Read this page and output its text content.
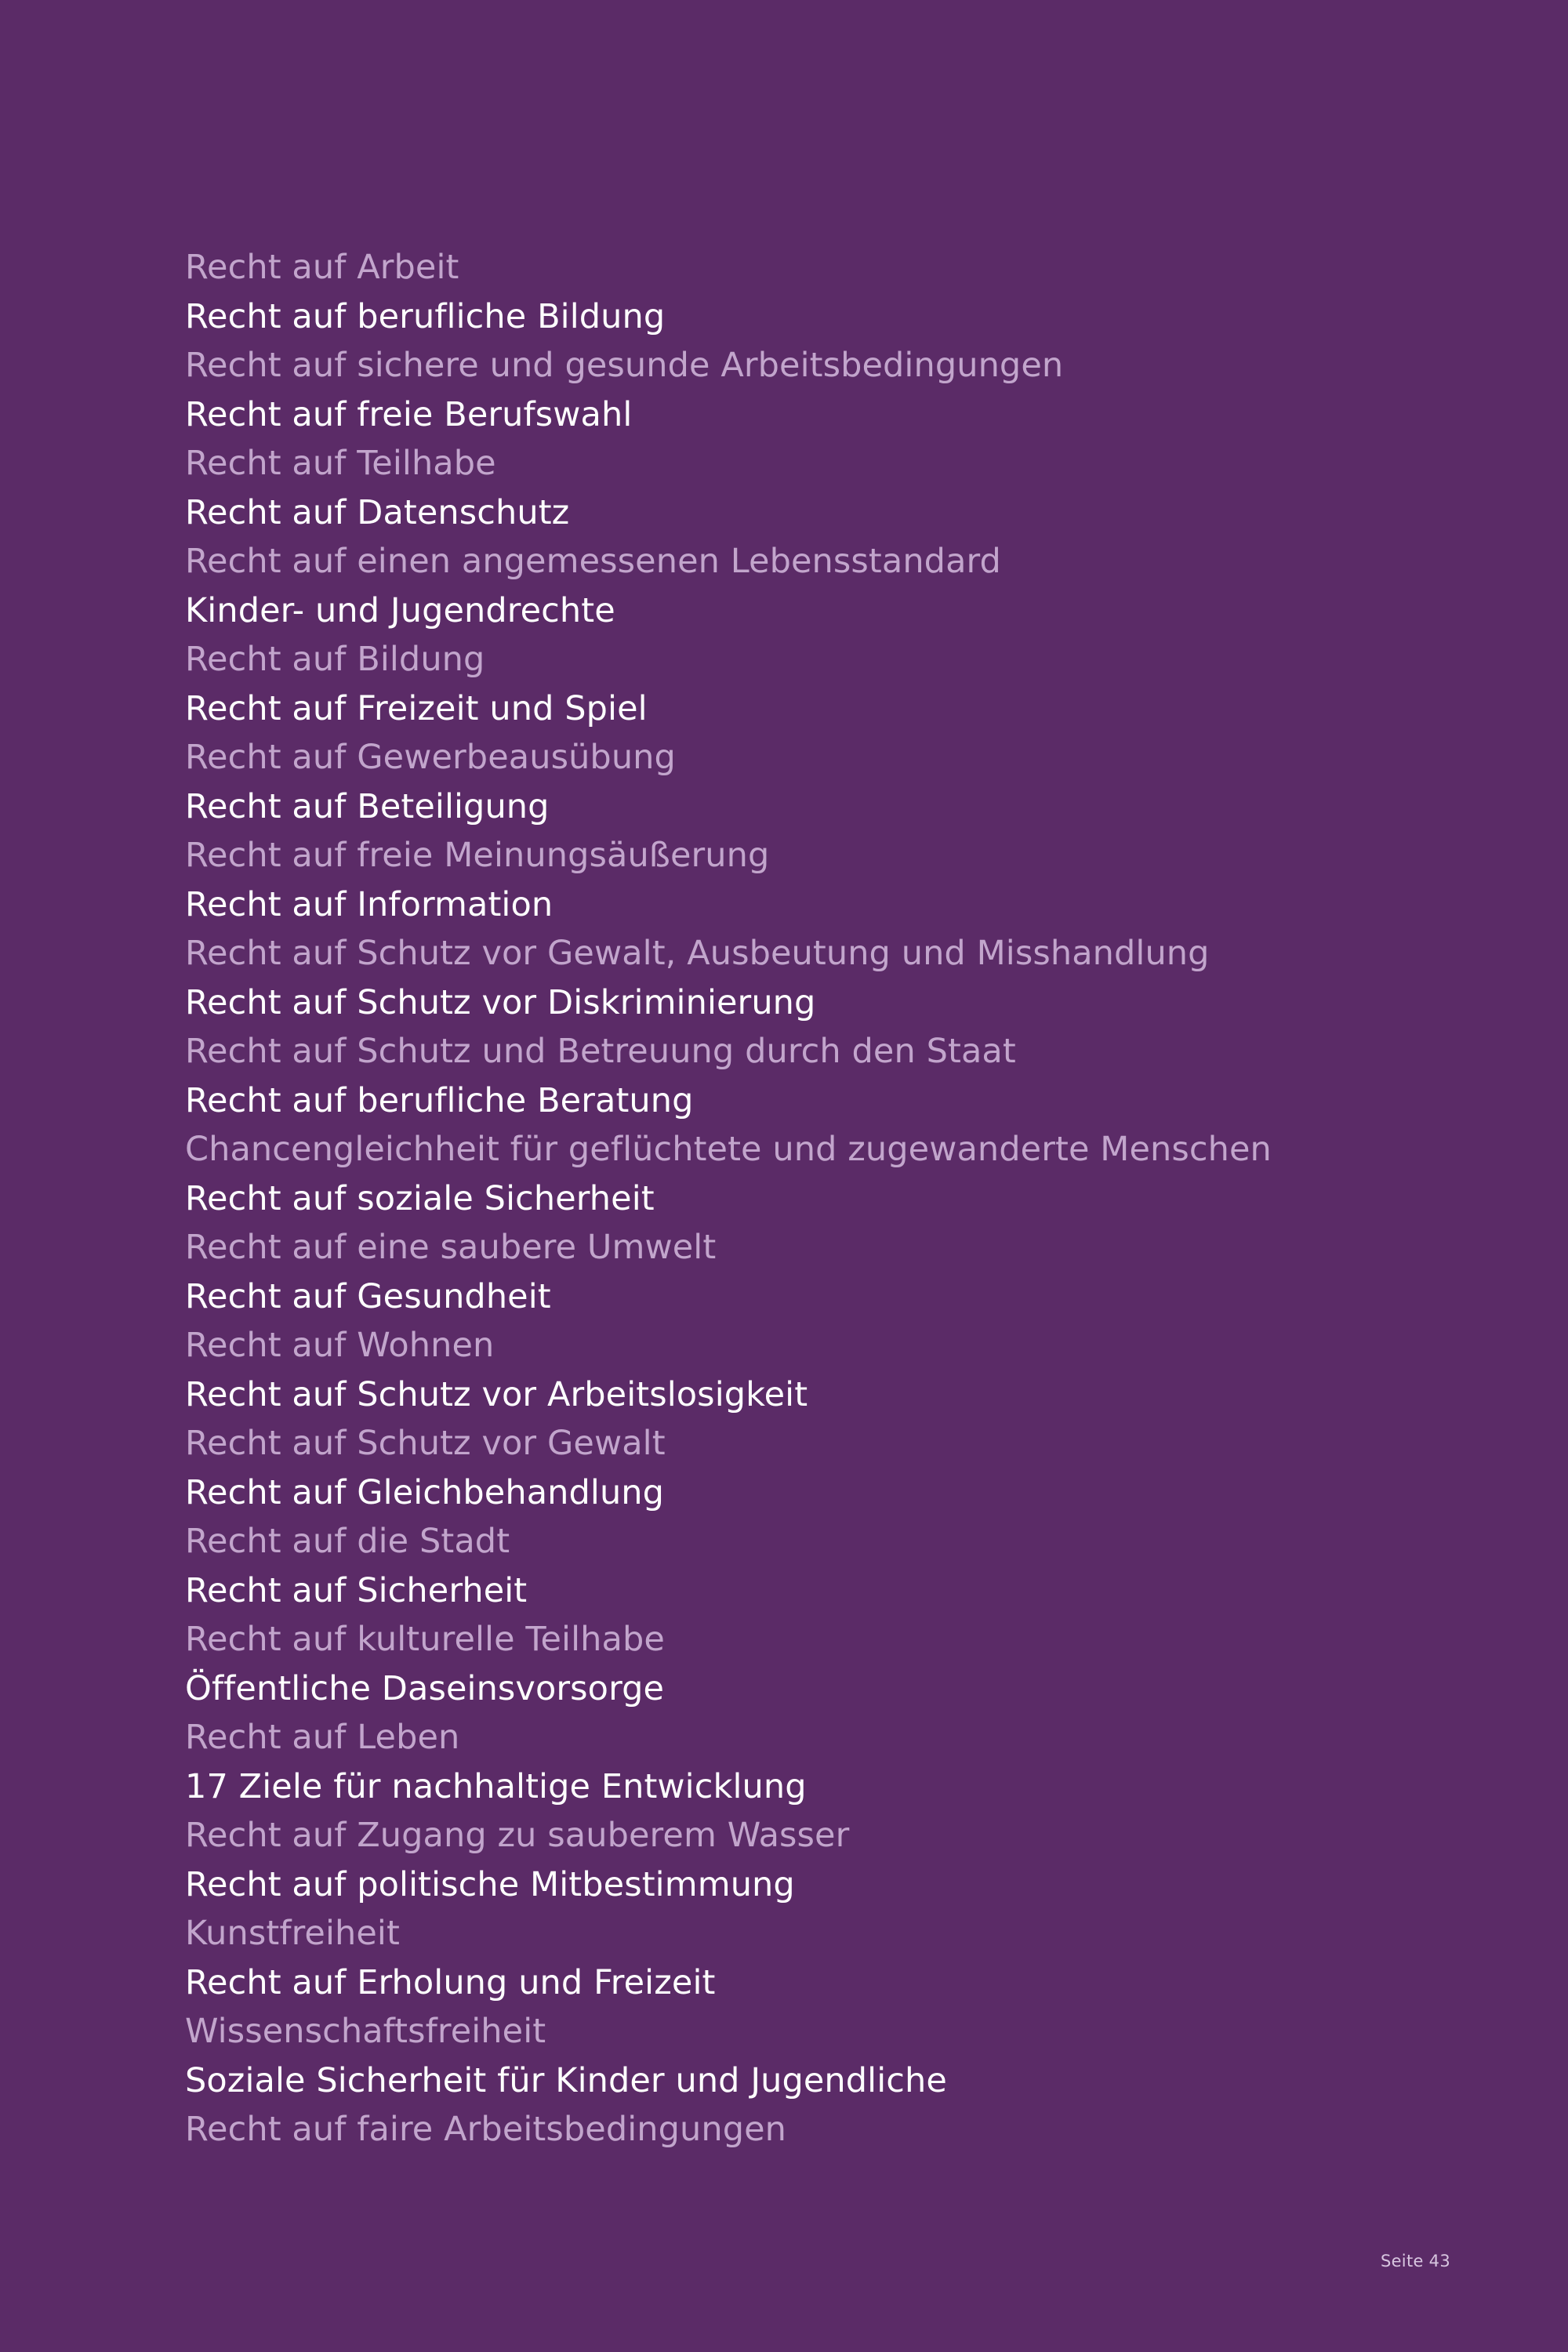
Recht auf Arbeit
Recht auf berufliche Bildung
Recht auf sichere und gesunde Arbeitsbedingungen
Recht auf freie Berufswahl
Recht auf Teilhabe
Recht auf Datenschutz
Recht auf einen angemessenen Lebensstandard
Kinder- und Jugendrechte
Recht auf Bildung
Recht auf Freizeit und Spiel
Recht auf Gewerbeausübung
Recht auf Beteiligung
Recht auf freie Meinungsäußerung
Recht auf Information
Recht auf Schutz vor Gewalt, Ausbeutung und Misshandlung
Recht auf Schutz vor Diskriminierung
Recht auf Schutz und Betreuung durch den Staat
Recht auf berufliche Beratung
Chancengleichheit für geflüchtete und zugewanderte Menschen
Recht auf soziale Sicherheit
Recht auf eine saubere Umwelt
Recht auf Gesundheit
Recht auf Wohnen
Recht auf Schutz vor Arbeitslosigkeit
Recht auf Schutz vor Gewalt
Recht auf Gleichbehandlung
Recht auf die Stadt
Recht auf Sicherheit
Recht auf kulturelle Teilhabe
Öffentliche Daseinsvorsorge
Recht auf Leben
17 Ziele für nachhaltige Entwicklung
Recht auf Zugang zu sauberem Wasser
Recht auf politische Mitbestimmung
Kunstfreiheit
Recht auf Erholung und Freizeit
Wissenschaftsfreiheit
Soziale Sicherheit für Kinder und Jugendliche
Recht auf faire Arbeitsbedingungen
Seite 43
